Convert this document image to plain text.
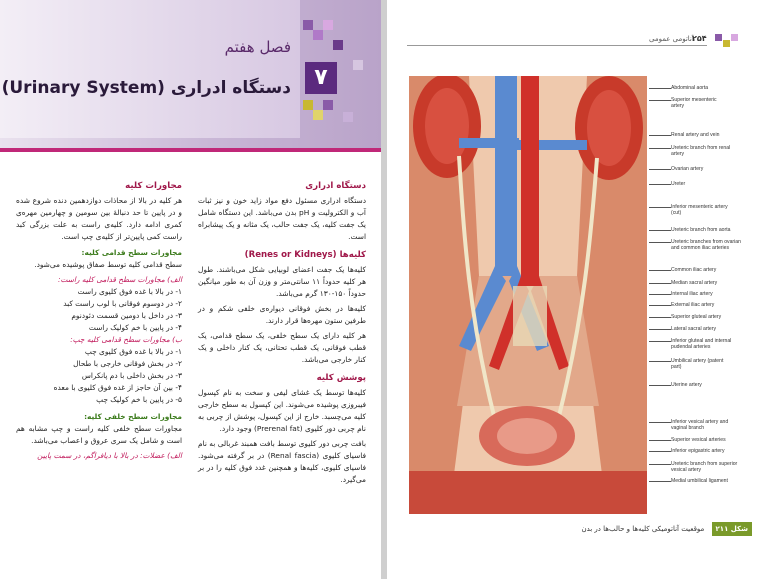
فصل هفتم
دستگاه ادراری (Urinary System)	۷
دستگاه ادراری
دستگاه ادراری مسئول دفع مواد زاید خون و نیز ثبات آب و الکترولیت و pH بدن می‌باشد. این دستگاه شامل یک جفت کلیه، یک جفت حالب، یک مثانه و یک پیشابراه است.
کلیه‌ها (Renes or Kidneys)
کلیه‌ها یک جفت اعضای لوبیایی شکل می‌باشند. طول هر کلیه حدوداً ۱۱ سانتی‌متر و وزن آن به طور میانگین حدوداً ۱۵۰-۱۳۰ گرم می‌باشد.
کلیه‌ها در بخش فوقانی دیواره‌ی خلفی شکم و در طرفین ستون مهره‌ها قرار دارند.
هر کلیه دارای یک سطح خلفی، یک سطح قدامی، یک قطب فوقانی، یک قطب تحتانی، یک کنار داخلی و یک کنار خارجی می‌باشد.
پوشش کلیه
کلیه‌ها توسط یک غشای لیفی و سخت به نام کپسول فیبروزی پوشیده می‌شوند. این کپسول به سطح خارجی کلیه می‌چسبد. خارج از این کپسول، پوشش از چربی به نام چربی دور کلیوی (Prerenal fat) وجود دارد.
بافت چربی دور کلیوی توسط بافت همبند غربالی به نام فاسیای کلیوی (Renal fascia) در بر گرفته می‌شود. فاسیای کلیوی، کلیه‌ها و همچنین غدد فوق کلیه را در بر می‌گیرد.
مجاورات کلیه
هر کلیه در بالا از محاذات دوازدهمین دنده شروع شده و در پایین تا حد دنبالۀ بین سومین و چهارمین مهره‌ی کمری ادامه دارد. کلیه‌ی راست به علت بزرگی کبد راست کمی پایین‌تر از کلیه‌ی چپ است.
مجاورات سطح قدامی کلیه:
سطح قدامی کلیه توسط صفاق پوشیده می‌شود.
الف) مجاورات سطح قدامی کلیه راست:
۱- در بالا با غده فوق کلیوی راست
۲- در دوسوم فوقانی با لوب راست کبد
۳- در داخل با دومین قسمت دئودنوم
۴- در پایین با خم کولیک راست
ب) مجاورات سطح قدامی کلیه چپ:
۱- در بالا با غده فوق کلیوی چپ
۲- در بخش فوقانی خارجی با طحال
۳- در بخش داخلی با دم پانکراس
۴- بین آن حاجز از غده فوق کلیوی با معده
۵- در پایین با خم کولیک چپ
مجاورات سطح خلفی کلیه:
مجاورات سطح خلفی کلیه راست و چپ مشابه هم است و شامل یک سری عروق و اعصاب می‌باشد.
الف) عضلات: در بالا با دیافراگم، در سمت پایین
آناتومی عمومی
۲۵۴
Abdominal aorta
Superior mesenteric artery
Renal artery and vein
Ureteric branch from renal artery
Ovarian artery
Ureter
Inferior mesenteric artery (cut)
Ureteric branch from aorta
Ureteric branches from ovarian and common iliac arteries
Common iliac artery
Median sacral artery
Internal iliac artery
External iliac artery
Superior gluteal artery
Lateral sacral artery
Inferior gluteal and internal pudendal arteries
Umbilical artery (patent part)
Uterine artery
Inferior vesical artery and vaginal branch
Superior vesical arteries
Inferior epigastric artery
Ureteric branch from superior vesical artery
Medial umbilical ligament
شکل ۲۱۱ موقعیت آناتومیکی کلیه‌ها و حالب‌ها در بدن
